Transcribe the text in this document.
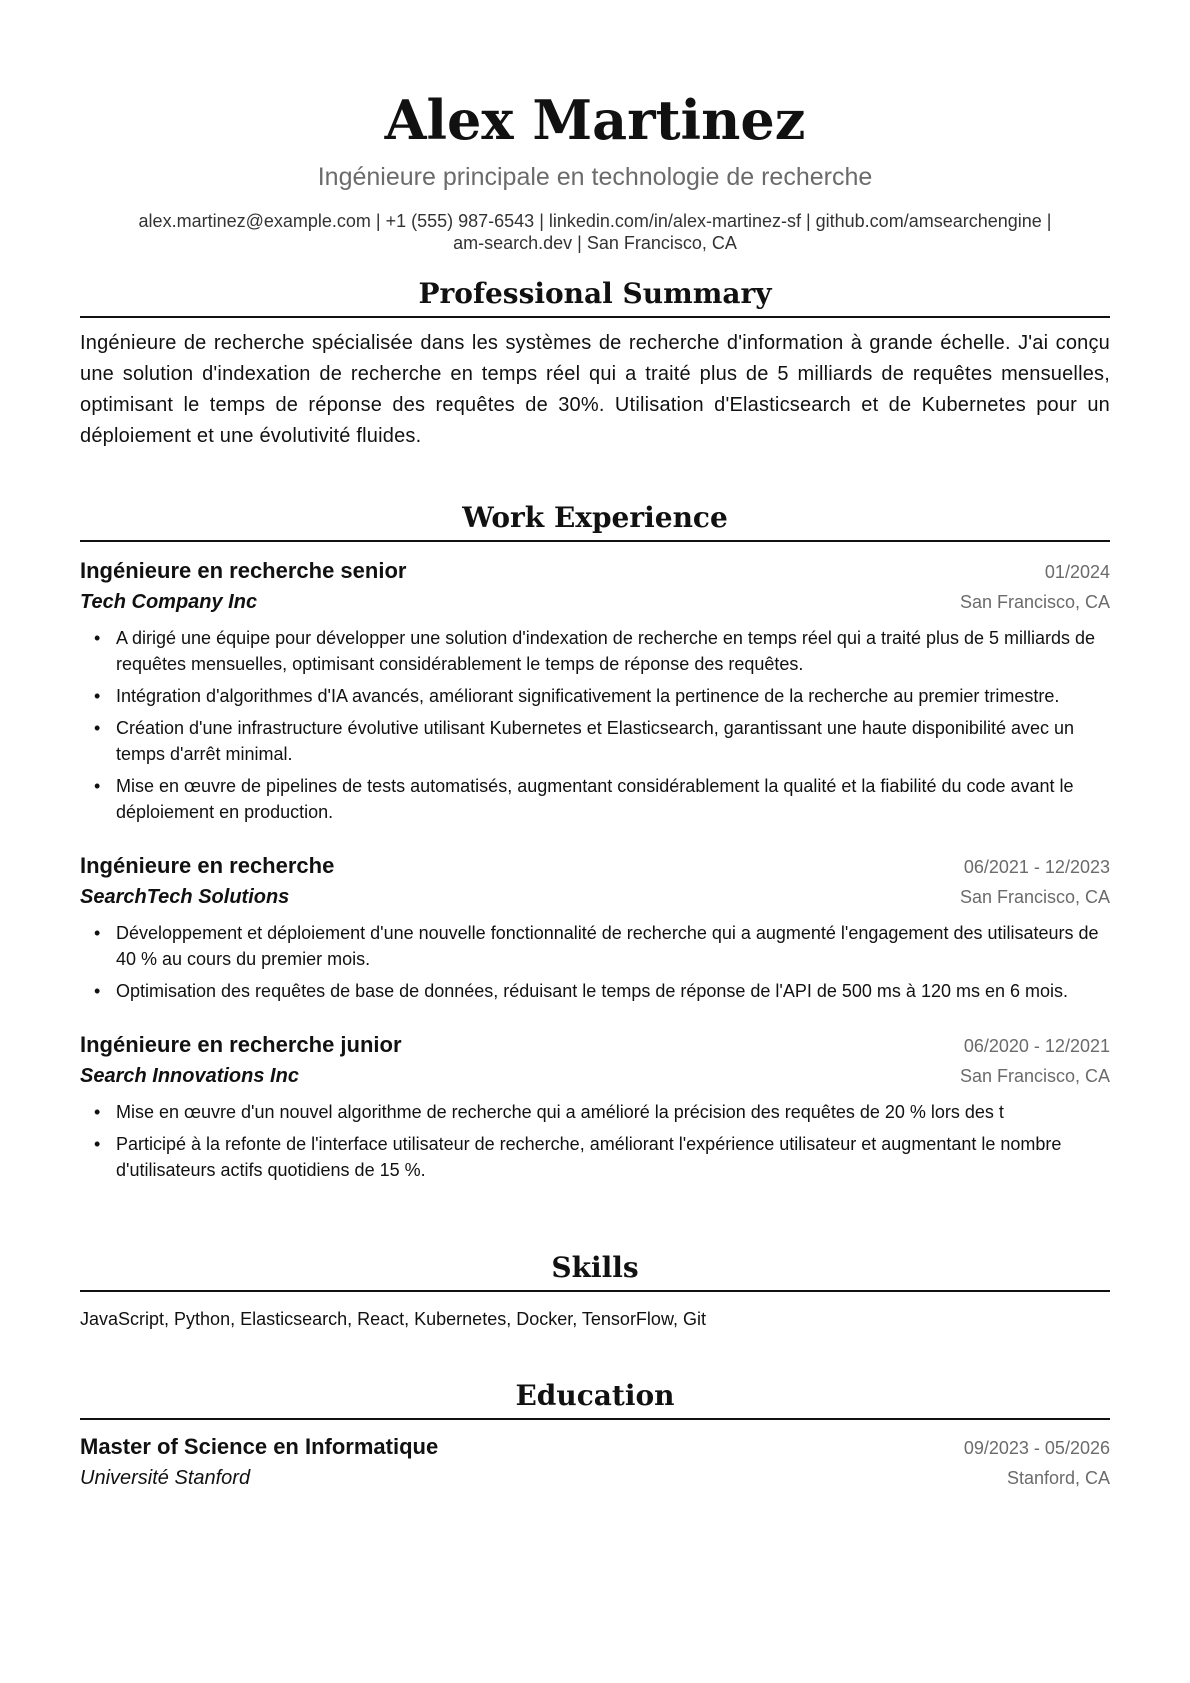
Alex Martinez
Ingénieure principale en technologie de recherche
alex.martinez@example.com | +1 (555) 987-6543 | linkedin.com/in/alex-martinez-sf | github.com/amsearchengine |
am-search.dev | San Francisco, CA
Professional Summary
Ingénieure de recherche spécialisée dans les systèmes de recherche d'information à grande échelle. J'ai conçu une solution d'indexation de recherche en temps réel qui a traité plus de 5 milliards de requêtes mensuelles, optimisant le temps de réponse des requêtes de 30%. Utilisation d'Elasticsearch et de Kubernetes pour un déploiement et une évolutivité fluides.
Work Experience
Ingénieure en recherche senior	01/2024
Tech Company Inc	San Francisco, CA
• A dirigé une équipe pour développer une solution d'indexation de recherche en temps réel qui a traité plus de 5 milliards de requêtes mensuelles, optimisant considérablement le temps de réponse des requêtes.
• Intégration d'algorithmes d'IA avancés, améliorant significativement la pertinence de la recherche au premier trimestre.
• Création d'une infrastructure évolutive utilisant Kubernetes et Elasticsearch, garantissant une haute disponibilité avec un temps d'arrêt minimal.
• Mise en œuvre de pipelines de tests automatisés, augmentant considérablement la qualité et la fiabilité du code avant le déploiement en production.
Ingénieure en recherche	06/2021 - 12/2023
SearchTech Solutions	San Francisco, CA
• Développement et déploiement d'une nouvelle fonctionnalité de recherche qui a augmenté l'engagement des utilisateurs de 40 % au cours du premier mois.
• Optimisation des requêtes de base de données, réduisant le temps de réponse de l'API de 500 ms à 120 ms en 6 mois.
Ingénieure en recherche junior	06/2020 - 12/2021
Search Innovations Inc	San Francisco, CA
• Mise en œuvre d'un nouvel algorithme de recherche qui a amélioré la précision des requêtes de 20 % lors des t
• Participé à la refonte de l'interface utilisateur de recherche, améliorant l'expérience utilisateur et augmentant le nombre d'utilisateurs actifs quotidiens de 15 %.
Skills
JavaScript, Python, Elasticsearch, React, Kubernetes, Docker, TensorFlow, Git
Education
Master of Science en Informatique	09/2023 - 05/2026
Université Stanford	Stanford, CA
